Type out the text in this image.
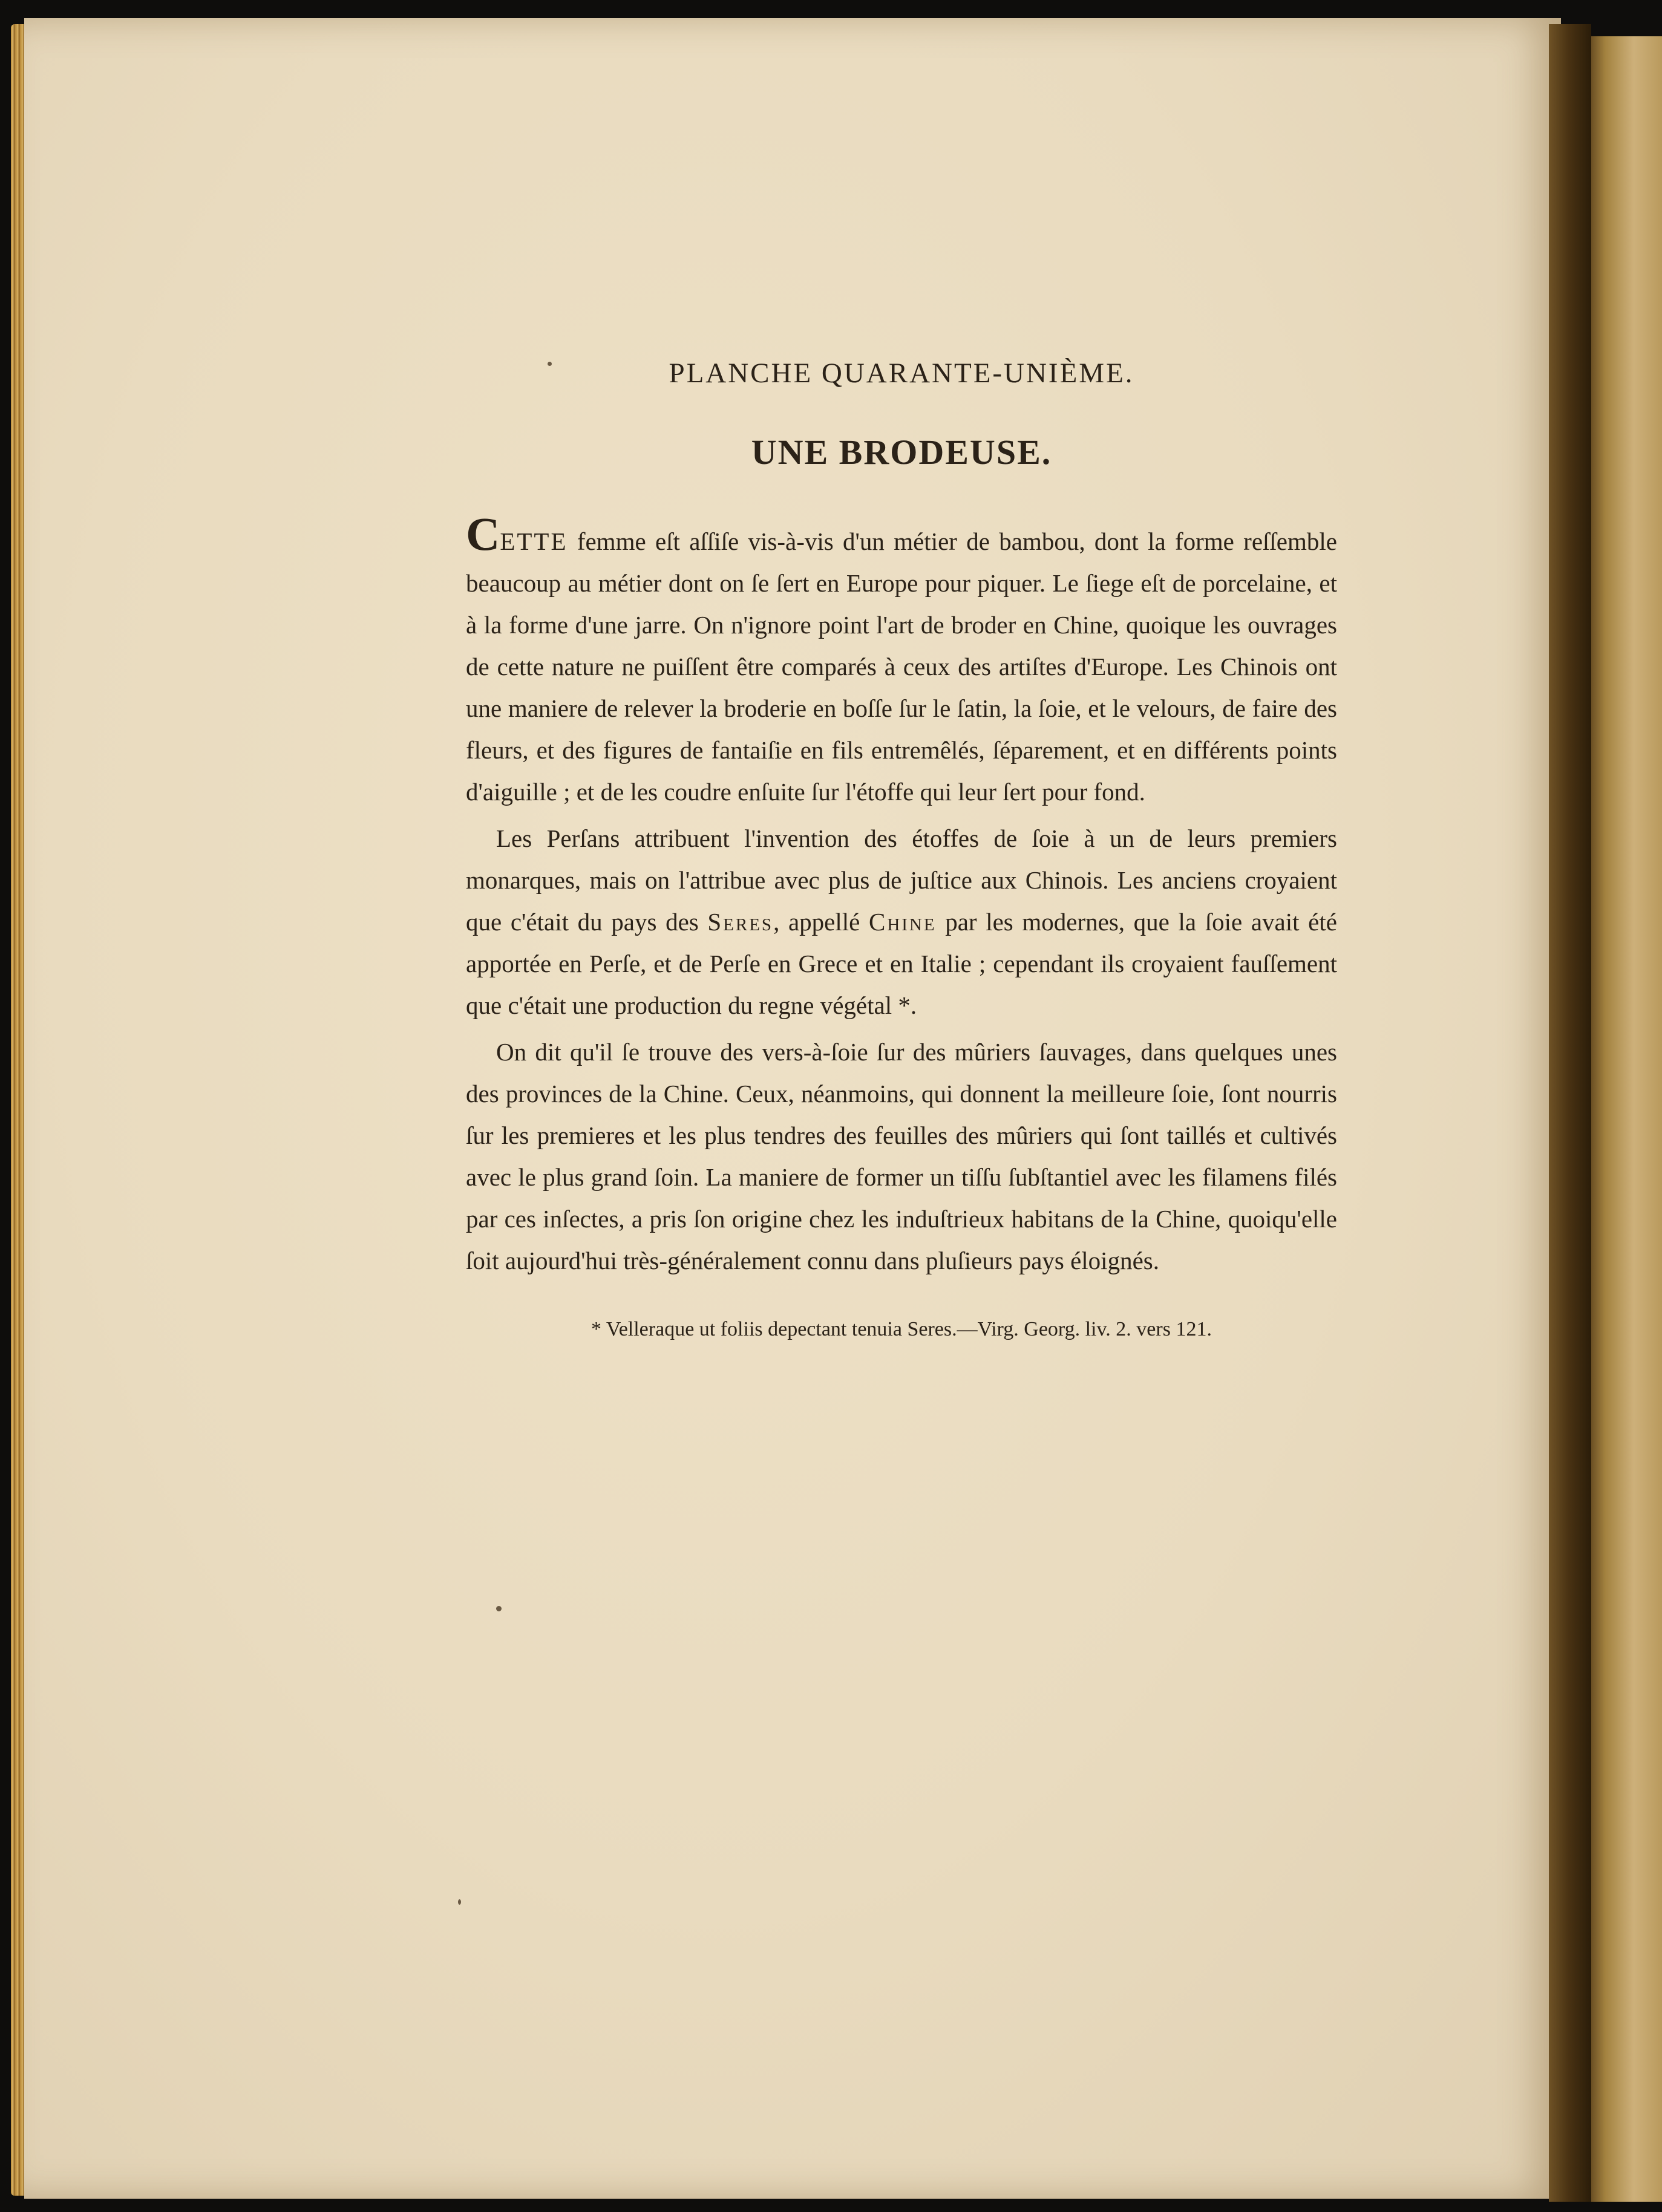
PLANCHE QUARANTE-UNIÈME.
UNE BRODEUSE.

CETTE femme eſt aſſiſe vis-à-vis d'un métier de bambou, dont la forme reſſemble beaucoup au métier dont on ſe ſert en Europe pour piquer. Le ſiege eſt de porcelaine, et à la forme d'une jarre. On n'ignore point l'art de broder en Chine, quoique les ouvrages de cette nature ne puiſſent être comparés à ceux des artiſtes d'Europe. Les Chinois ont une maniere de relever la broderie en boſſe ſur le ſatin, la ſoie, et le velours, de faire des fleurs, et des figures de fantaiſie en fils entremêlés, ſéparement, et en différents points d'aiguille ; et de les coudre enſuite ſur l'étoffe qui leur ſert pour fond.

Les Perſans attribuent l'invention des étoffes de ſoie à un de leurs premiers monarques, mais on l'attribue avec plus de juſtice aux Chinois. Les anciens croyaient que c'était du pays des Seres, appellé Chine par les modernes, que la ſoie avait été apportée en Perſe, et de Perſe en Grece et en Italie ; cependant ils croyaient fauſſement que c'était une production du regne végétal *.

On dit qu'il ſe trouve des vers-à-ſoie ſur des mûriers ſauvages, dans quelques unes des provinces de la Chine. Ceux, néanmoins, qui donnent la meilleure ſoie, ſont nourris ſur les premieres et les plus tendres des feuilles des mûriers qui ſont taillés et cultivés avec le plus grand ſoin. La maniere de former un tiſſu ſubſtantiel avec les filamens filés par ces inſectes, a pris ſon origine chez les induſtrieux habitans de la Chine, quoiqu'elle ſoit aujourd'hui très-généralement connu dans pluſieurs pays éloignés.

* Velleraque ut foliis depectant tenuia Seres.—Virg. Georg. liv. 2. vers 121.
